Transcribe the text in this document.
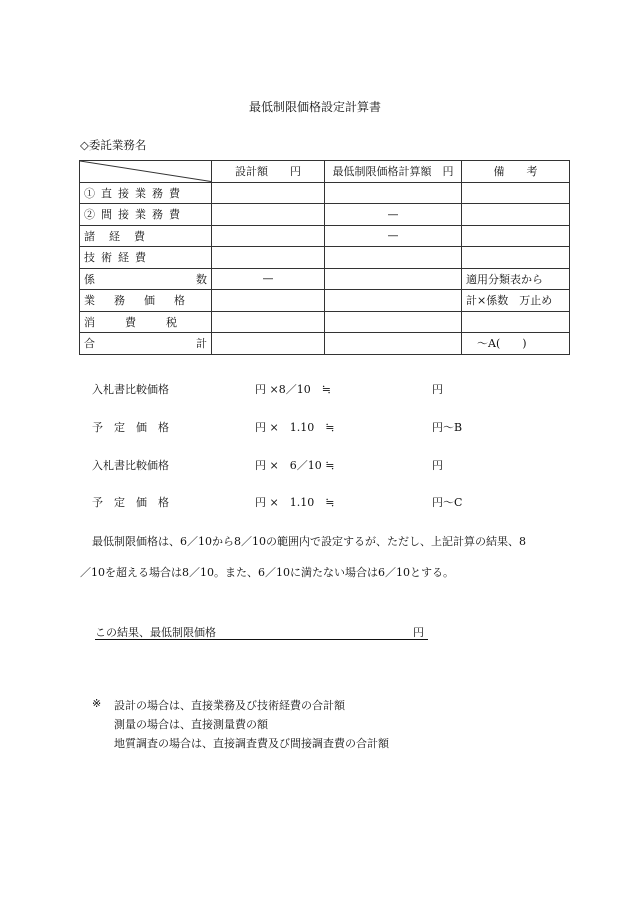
最低制限価格設定計算書
◇委託業務名
	設計額　　円	最低制限価格計算額　円	備　　考
①直接業務費			
②間接業務費		—	
諸経費		—	
技術経費			

係 数	—		適用分類表から
業務価格			計×係数　万止め
消費税			

合 計			　～A(　　)
入札書比較価格	円 ×8／10　≒	円
予　定　価　格	円 ×　1.10　≒	円～B
入札書比較価格	円 ×　6／10 ≒	円
予　定　価　格	円 ×　1.10　≒	円～C
最低制限価格は、6／10から8／10の範囲内で設定するが、ただし、上記計算の結果、8
／10を超える場合は8／10。また、6／10に満たない場合は6／10とする。
この結果、最低制限価格	円
※ 設計の場合は、直接業務及び技術経費の合計額
測量の場合は、直接測量費の額
地質調査の場合は、直接調査費及び間接調査費の合計額
